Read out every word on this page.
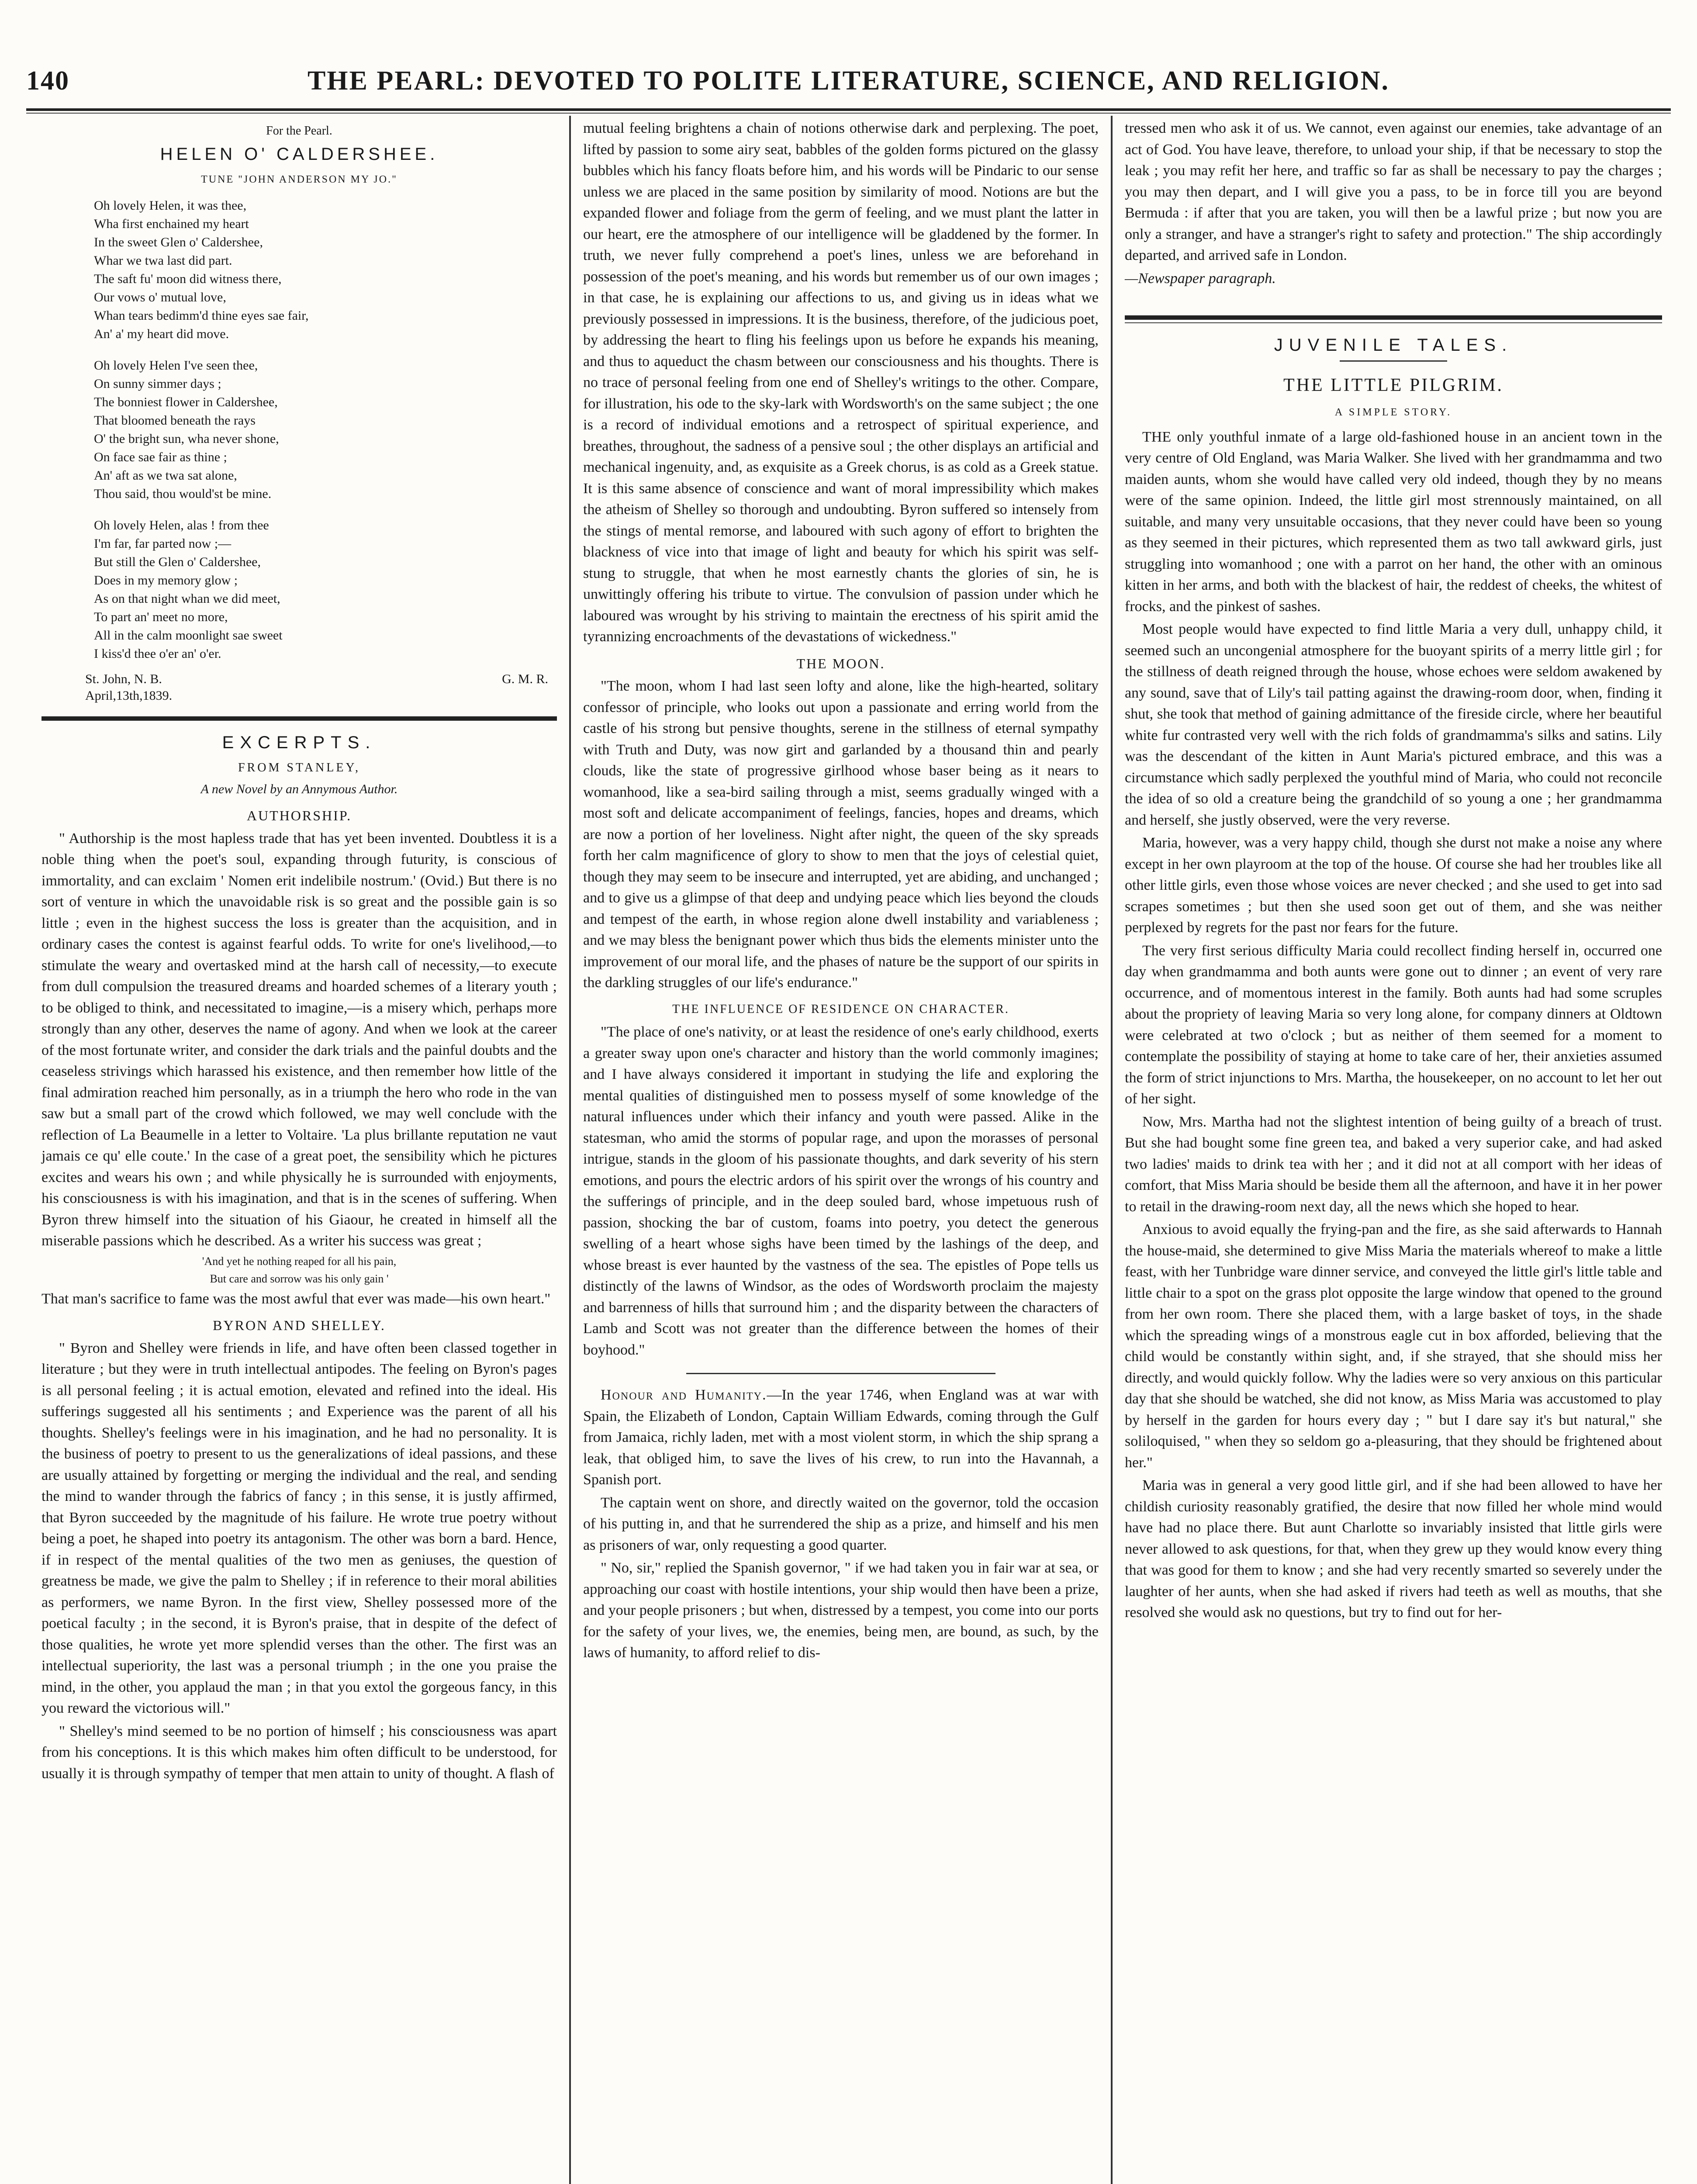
140	THE PEARL: DEVOTED TO POLITE LITERATURE, SCIENCE, AND RELIGION.

For the Pearl.

HELEN O' CALDERSHEE.

TUNE "JOHN ANDERSON MY JO."

Oh lovely Helen, it was thee,
Wha first enchained my heart
In the sweet Glen o' Caldershee,
Whar we twa last did part.
The saft fu' moon did witness there,
Our vows o' mutual love,
Whan tears bedimm'd thine eyes sae fair,
An' a' my heart did move.
Oh lovely Helen I've seen thee,
On sunny simmer days ;
The bonniest flower in Caldershee,
That bloomed beneath the rays
O' the bright sun, wha never shone,
On face sae fair as thine ;
An' aft as we twa sat alone,
Thou said, thou would'st be mine.
Oh lovely Helen, alas ! from thee
I'm far, far parted now ;—
But still the Glen o' Caldershee,
Does in my memory glow ;
As on that night whan we did meet,
To part an' meet no more,
All in the calm moonlight sae sweet
I kiss'd thee o'er an' o'er.
St. John, N. B.
April,13th,1839.
G. M. R.

EXCERPTS.

FROM STANLEY,

A new Novel by an Annymous Author.

AUTHORSHIP.

" Authorship is the most hapless trade that has yet been invented. Doubtless it is a noble thing when the poet's soul, expanding through futurity, is conscious of immortality, and can exclaim ' Nomen erit indelibile nostrum.' (Ovid.) But there is no sort of venture in which the unavoidable risk is so great and the possible gain is so little ; even in the highest success the loss is greater than the acquisition, and in ordinary cases the contest is against fearful odds. To write for one's livelihood,—to stimulate the weary and overtasked mind at the harsh call of necessity,—to execute from dull compulsion the treasured dreams and hoarded schemes of a literary youth ; to be obliged to think, and necessitated to imagine,—is a misery which, perhaps more strongly than any other, deserves the name of agony. And when we look at the career of the most fortunate writer, and consider the dark trials and the painful doubts and the ceaseless strivings which harassed his existence, and then remember how little of the final admiration reached him personally, as in a triumph the hero who rode in the van saw but a small part of the crowd which followed, we may well conclude with the reflection of La Beaumelle in a letter to Voltaire. 'La plus brillante reputation ne vaut jamais ce qu' elle coute.' In the case of a great poet, the sensibility which he pictures excites and wears his own ; and while physically he is surrounded with enjoyments, his consciousness is with his imagination, and that is in the scenes of suffering. When Byron threw himself into the situation of his Giaour, he created in himself all the miserable passions which he described. As a writer his success was great ;

'And yet he nothing reaped for all his pain,

But care and sorrow was his only gain '

That man's sacrifice to fame was the most awful that ever was made—his own heart."

BYRON AND SHELLEY.

" Byron and Shelley were friends in life, and have often been classed together in literature ; but they were in truth intellectual antipodes. The feeling on Byron's pages is all personal feeling ; it is actual emotion, elevated and refined into the ideal. His sufferings suggested all his sentiments ; and Experience was the parent of all his thoughts. Shelley's feelings were in his imagination, and he had no personality. It is the business of poetry to present to us the generalizations of ideal passions, and these are usually attained by forgetting or merging the individual and the real, and sending the mind to wander through the fabrics of fancy ; in this sense, it is justly affirmed, that Byron succeeded by the magnitude of his failure. He wrote true poetry without being a poet, he shaped into poetry its antagonism. The other was born a bard. Hence, if in respect of the mental qualities of the two men as geniuses, the question of greatness be made, we give the palm to Shelley ; if in reference to their moral abilities as performers, we name Byron. In the first view, Shelley possessed more of the poetical faculty ; in the second, it is Byron's praise, that in despite of the defect of those qualities, he wrote yet more splendid verses than the other. The first was an intellectual superiority, the last was a personal triumph ; in the one you praise the mind, in the other, you applaud the man ; in that you extol the gorgeous fancy, in this you reward the victorious will."

" Shelley's mind seemed to be no portion of himself ; his consciousness was apart from his conceptions. It is this which makes him often difficult to be understood, for usually it is through sympathy of temper that men attain to unity of thought. A flash of

mutual feeling brightens a chain of notions otherwise dark and perplexing. The poet, lifted by passion to some airy seat, babbles of the golden forms pictured on the glassy bubbles which his fancy floats before him, and his words will be Pindaric to our sense unless we are placed in the same position by similarity of mood. Notions are but the expanded flower and foliage from the germ of feeling, and we must plant the latter in our heart, ere the atmosphere of our intelligence will be gladdened by the former. In truth, we never fully comprehend a poet's lines, unless we are beforehand in possession of the poet's meaning, and his words but remember us of our own images ; in that case, he is explaining our affections to us, and giving us in ideas what we previously possessed in impressions. It is the business, therefore, of the judicious poet, by addressing the heart to fling his feelings upon us before he expands his meaning, and thus to aqueduct the chasm between our consciousness and his thoughts. There is no trace of personal feeling from one end of Shelley's writings to the other. Compare, for illustration, his ode to the sky-lark with Wordsworth's on the same subject ; the one is a record of individual emotions and a retrospect of spiritual experience, and breathes, throughout, the sadness of a pensive soul ; the other displays an artificial and mechanical ingenuity, and, as exquisite as a Greek chorus, is as cold as a Greek statue. It is this same absence of conscience and want of moral impressibility which makes the atheism of Shelley so thorough and undoubting. Byron suffered so intensely from the stings of mental remorse, and laboured with such agony of effort to brighten the blackness of vice into that image of light and beauty for which his spirit was self-stung to struggle, that when he most earnestly chants the glories of sin, he is unwittingly offering his tribute to virtue. The convulsion of passion under which he laboured was wrought by his striving to maintain the erectness of his spirit amid the tyrannizing encroachments of the devastations of wickedness."

THE MOON.

"The moon, whom I had last seen lofty and alone, like the high-hearted, solitary confessor of principle, who looks out upon a passionate and erring world from the castle of his strong but pensive thoughts, serene in the stillness of eternal sympathy with Truth and Duty, was now girt and garlanded by a thousand thin and pearly clouds, like the state of progressive girlhood whose baser being as it nears to womanhood, like a sea-bird sailing through a mist, seems gradually winged with a most soft and delicate accompaniment of feelings, fancies, hopes and dreams, which are now a portion of her loveliness. Night after night, the queen of the sky spreads forth her calm magnificence of glory to show to men that the joys of celestial quiet, though they may seem to be insecure and interrupted, yet are abiding, and unchanged ; and to give us a glimpse of that deep and undying peace which lies beyond the clouds and tempest of the earth, in whose region alone dwell instability and variableness ; and we may bless the benignant power which thus bids the elements minister unto the improvement of our moral life, and the phases of nature be the support of our spirits in the darkling struggles of our life's endurance."

THE INFLUENCE OF RESIDENCE ON CHARACTER.

"The place of one's nativity, or at least the residence of one's early childhood, exerts a greater sway upon one's character and history than the world commonly imagines; and I have always considered it important in studying the life and exploring the mental qualities of distinguished men to possess myself of some knowledge of the natural influences under which their infancy and youth were passed. Alike in the statesman, who amid the storms of popular rage, and upon the morasses of personal intrigue, stands in the gloom of his passionate thoughts, and dark severity of his stern emotions, and pours the electric ardors of his spirit over the wrongs of his country and the sufferings of principle, and in the deep souled bard, whose impetuous rush of passion, shocking the bar of custom, foams into poetry, you detect the generous swelling of a heart whose sighs have been timed by the lashings of the deep, and whose breast is ever haunted by the vastness of the sea. The epistles of Pope tells us distinctly of the lawns of Windsor, as the odes of Wordsworth proclaim the majesty and barrenness of hills that surround him ; and the disparity between the characters of Lamb and Scott was not greater than the difference between the homes of their boyhood."

Honour and Humanity.—In the year 1746, when England was at war with Spain, the Elizabeth of London, Captain William Edwards, coming through the Gulf from Jamaica, richly laden, met with a most violent storm, in which the ship sprang a leak, that obliged him, to save the lives of his crew, to run into the Havannah, a Spanish port.

The captain went on shore, and directly waited on the governor, told the occasion of his putting in, and that he surrendered the ship as a prize, and himself and his men as prisoners of war, only requesting a good quarter.

" No, sir," replied the Spanish governor, " if we had taken you in fair war at sea, or approaching our coast with hostile intentions, your ship would then have been a prize, and your people prisoners ; but when, distressed by a tempest, you come into our ports for the safety of your lives, we, the enemies, being men, are bound, as such, by the laws of humanity, to afford relief to dis-

tressed men who ask it of us. We cannot, even against our enemies, take advantage of an act of God. You have leave, therefore, to unload your ship, if that be necessary to stop the leak ; you may refit her here, and traffic so far as shall be necessary to pay the charges ; you may then depart, and I will give you a pass, to be in force till you are beyond Bermuda : if after that you are taken, you will then be a lawful prize ; but now you are only a stranger, and have a stranger's right to safety and protection." The ship accordingly departed, and arrived safe in London.

—Newspaper paragraph.

JUVENILE TALES.

THE LITTLE PILGRIM.

A SIMPLE STORY.

THE only youthful inmate of a large old-fashioned house in an ancient town in the very centre of Old England, was Maria Walker. She lived with her grandmamma and two maiden aunts, whom she would have called very old indeed, though they by no means were of the same opinion. Indeed, the little girl most strennously maintained, on all suitable, and many very unsuitable occasions, that they never could have been so young as they seemed in their pictures, which represented them as two tall awkward girls, just struggling into womanhood ; one with a parrot on her hand, the other with an ominous kitten in her arms, and both with the blackest of hair, the reddest of cheeks, the whitest of frocks, and the pinkest of sashes.

Most people would have expected to find little Maria a very dull, unhappy child, it seemed such an uncongenial atmosphere for the buoyant spirits of a merry little girl ; for the stillness of death reigned through the house, whose echoes were seldom awakened by any sound, save that of Lily's tail patting against the drawing-room door, when, finding it shut, she took that method of gaining admittance of the fireside circle, where her beautiful white fur contrasted very well with the rich folds of grandmamma's silks and satins. Lily was the descendant of the kitten in Aunt Maria's pictured embrace, and this was a circumstance which sadly perplexed the youthful mind of Maria, who could not reconcile the idea of so old a creature being the grandchild of so young a one ; her grandmamma and herself, she justly observed, were the very reverse.

Maria, however, was a very happy child, though she durst not make a noise any where except in her own playroom at the top of the house. Of course she had her troubles like all other little girls, even those whose voices are never checked ; and she used to get into sad scrapes sometimes ; but then she used soon get out of them, and she was neither perplexed by regrets for the past nor fears for the future.

The very first serious difficulty Maria could recollect finding herself in, occurred one day when grandmamma and both aunts were gone out to dinner ; an event of very rare occurrence, and of momentous interest in the family. Both aunts had had some scruples about the propriety of leaving Maria so very long alone, for company dinners at Oldtown were celebrated at two o'clock ; but as neither of them seemed for a moment to contemplate the possibility of staying at home to take care of her, their anxieties assumed the form of strict injunctions to Mrs. Martha, the housekeeper, on no account to let her out of her sight.

Now, Mrs. Martha had not the slightest intention of being guilty of a breach of trust. But she had bought some fine green tea, and baked a very superior cake, and had asked two ladies' maids to drink tea with her ; and it did not at all comport with her ideas of comfort, that Miss Maria should be beside them all the afternoon, and have it in her power to retail in the drawing-room next day, all the news which she hoped to hear.

Anxious to avoid equally the frying-pan and the fire, as she said afterwards to Hannah the house-maid, she determined to give Miss Maria the materials whereof to make a little feast, with her Tunbridge ware dinner service, and conveyed the little girl's little table and little chair to a spot on the grass plot opposite the large window that opened to the ground from her own room. There she placed them, with a large basket of toys, in the shade which the spreading wings of a monstrous eagle cut in box afforded, believing that the child would be constantly within sight, and, if she strayed, that she should miss her directly, and would quickly follow. Why the ladies were so very anxious on this particular day that she should be watched, she did not know, as Miss Maria was accustomed to play by herself in the garden for hours every day ; " but I dare say it's but natural," she soliloquised, " when they so seldom go a-pleasuring, that they should be frightened about her."

Maria was in general a very good little girl, and if she had been allowed to have her childish curiosity reasonably gratified, the desire that now filled her whole mind would have had no place there. But aunt Charlotte so invariably insisted that little girls were never allowed to ask questions, for that, when they grew up they would know every thing that was good for them to know ; and she had very recently smarted so severely under the laughter of her aunts, when she had asked if rivers had teeth as well as mouths, that she resolved she would ask no questions, but try to find out for her-
